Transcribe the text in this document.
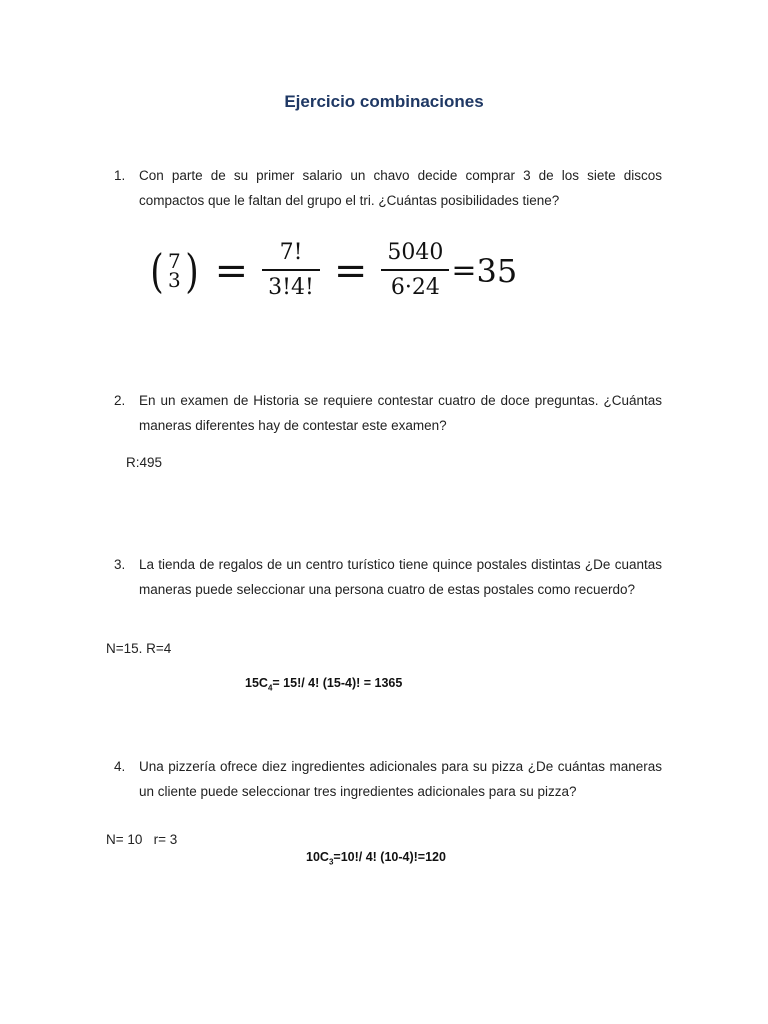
Ejercicio combinaciones
1.	Con parte de su primer salario un chavo decide comprar 3 de los siete discos compactos que le faltan del grupo el tri. ¿Cuántas posibilidades tiene?
( 7
3 ) = $\frac{7!}{3!4!} = \frac{5040}{6\cdot 24} = 35$
2.	En un examen de Historia se requiere contestar cuatro de doce preguntas. ¿Cuántas maneras diferentes hay de contestar este examen?
R:495
3.	La tienda de regalos de un centro turístico tiene quince postales distintas ¿De cuantas maneras puede seleccionar una persona cuatro de estas postales como recuerdo?
N=15. R=4
$15C_4= 15!/$ 4! (15-4)! = 1365
4.	Una pizzería ofrece diez ingredientes adicionales para su pizza ¿De cuántas maneras un cliente puede seleccionar tres ingredientes adicionales para su pizza?
N= 10   r= 3
$10C_3=10!/$ 4! (10-4)!=120
